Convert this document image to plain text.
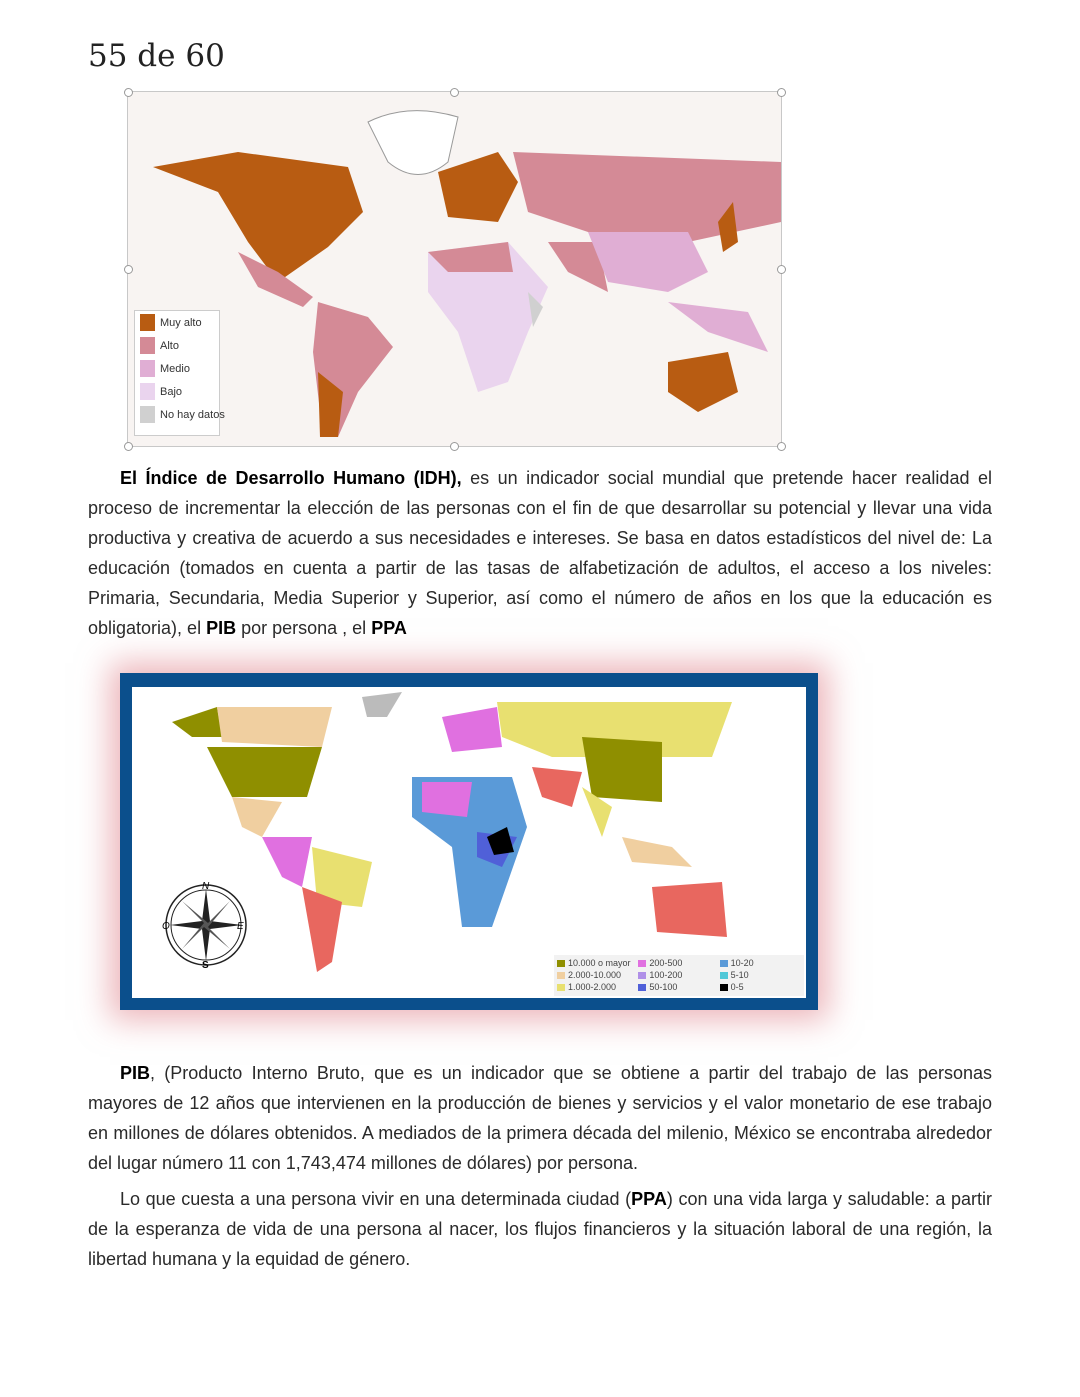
55 de 60
Muy alto
Alto
Medio
Bajo
No hay datos

El Índice de Desarrollo Humano (IDH), es un indicador social mundial que pretende hacer realidad el proceso de incrementar la elección de las personas con el fin de que desarrollar su potencial y llevar una vida productiva y creativa de acuerdo a sus necesidades e intereses. Se basa en datos estadísticos del nivel de: La educación (tomados en cuenta a partir de las tasas de alfabetización de adultos, el acceso a los niveles: Primaria, Secundaria, Media Superior y Superior, así como el número de años en los que la educación es obligatoria), el PIB por persona , el PPA

N
S
E
O
10.000 o mayor 200-500	10-20
2.000-10.000	100-200	5-10
1.000-2.000	50-100	0-5

PIB, (Producto Interno Bruto, que es un indicador que se obtiene a partir del trabajo de las personas mayores de 12 años que intervienen en la producción de bienes y servicios y el valor monetario de ese trabajo en millones de dólares obtenidos. A mediados de la primera década del milenio, México se encontraba alrededor del lugar número 11 con 1,743,474 millones de dólares) por persona.

Lo que cuesta a una persona vivir en una determinada ciudad (PPA) con una vida larga y saludable: a partir de la esperanza de vida de una persona al nacer, los flujos financieros y la situación laboral de una región, la libertad humana y la equidad de género.
